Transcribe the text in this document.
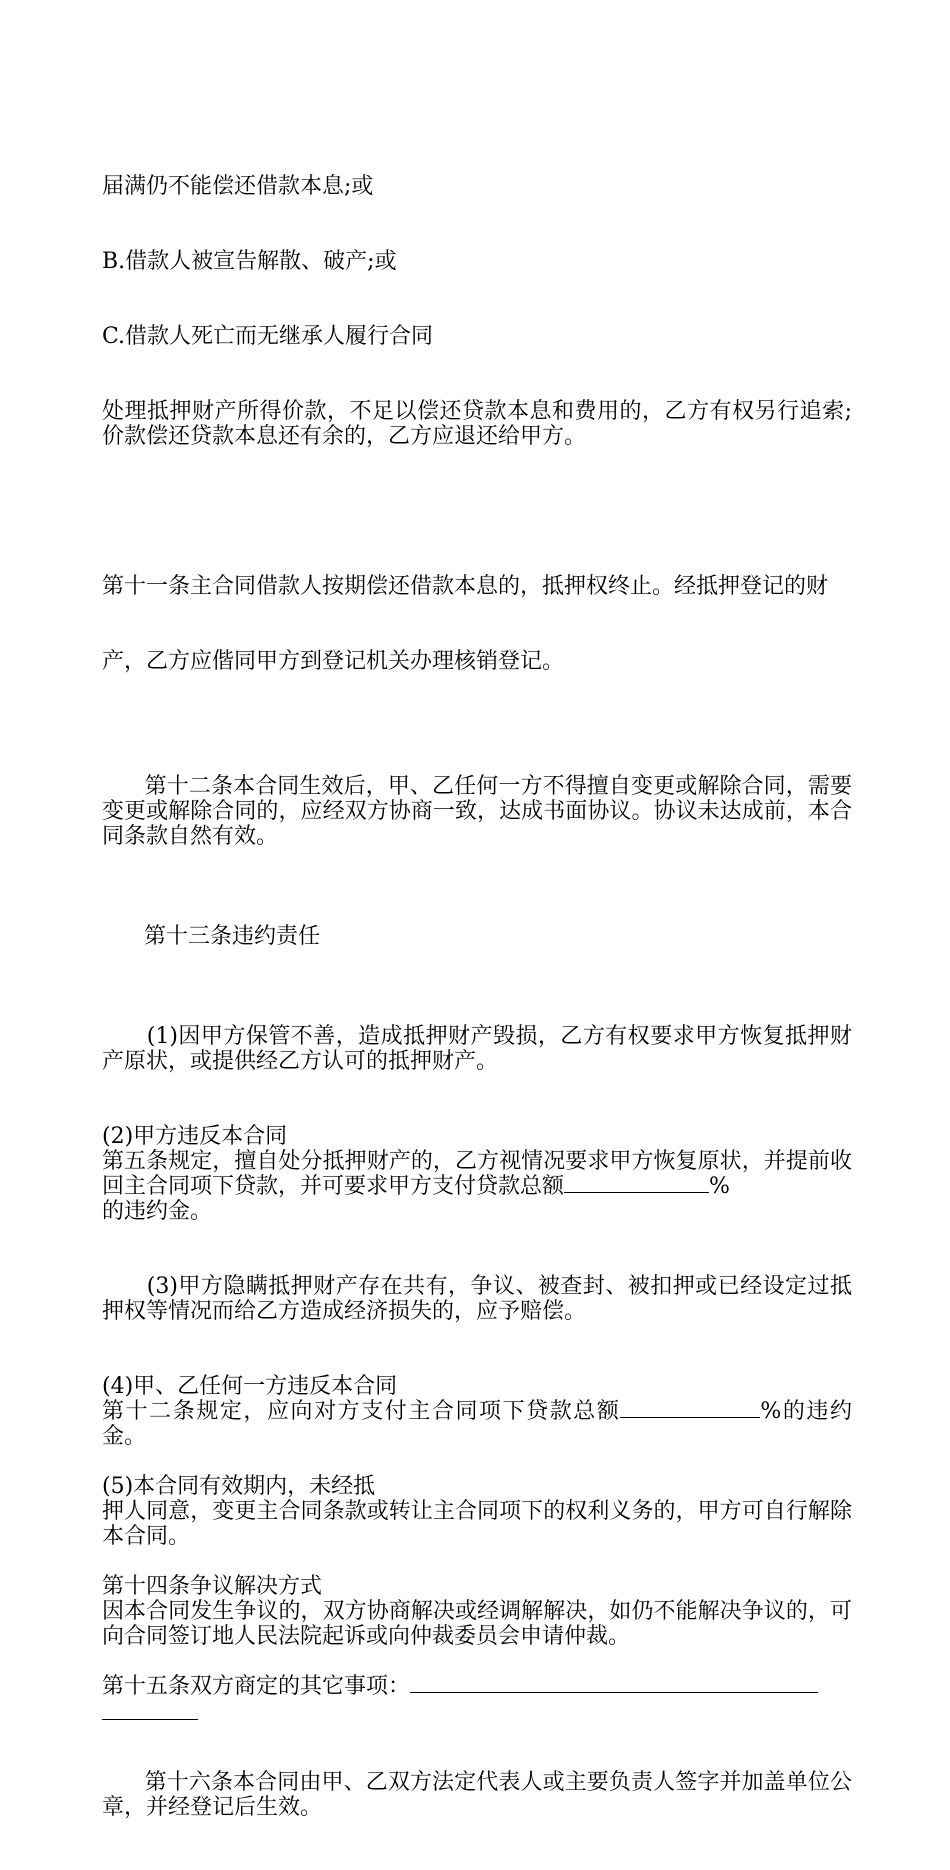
届满仍不能偿还借款本息;或

B.借款人被宣告解散、破产;或

C.借款人死亡而无继承人履行合同

处理抵押财产所得价款，不足以偿还贷款本息和费用的，乙方有权另行追索;价款偿还贷款本息还有余的，乙方应退还给甲方。

第十一条主合同借款人按期偿还借款本息的，抵押权终止。经抵押登记的财

产，乙方应偕同甲方到登记机关办理核销登记。

第十二条本合同生效后，甲、乙任何一方不得擅自变更或解除合同，需要变更或解除合同的，应经双方协商一致，达成书面协议。协议未达成前，本合同条款自然有效。

第十三条违约责任

(1)因甲方保管不善，造成抵押财产毁损，乙方有权要求甲方恢复抵押财产原状，或提供经乙方认可的抵押财产。

(2)甲方违反本合同
第五条规定，擅自处分抵押财产的，乙方视情况要求甲方恢复原状，并提前收回主合同项下贷款，并可要求甲方支付贷款总额	%
的违约金。

(3)甲方隐瞒抵押财产存在共有，争议、被查封、被扣押或已经设定过抵押权等情况而给乙方造成经济损失的，应予赔偿。

(4)甲、乙任何一方违反本合同
第十二条规定，应向对方支付主合同项下贷款总额	%的违约金。
(5)本合同有效期内，未经抵
押人同意，变更主合同条款或转让主合同项下的权利义务的，甲方可自行解除本合同。
第十四条争议解决方式
因本合同发生争议的，双方协商解决或经调解解决，如仍不能解决争议的，可向合同签订地人民法院起诉或向仲裁委员会申请仲裁。
第十五条双方商定的其它事项：

第十六条本合同由甲、乙双方法定代表人或主要负责人签字并加盖单位公章，并经登记后生效。
